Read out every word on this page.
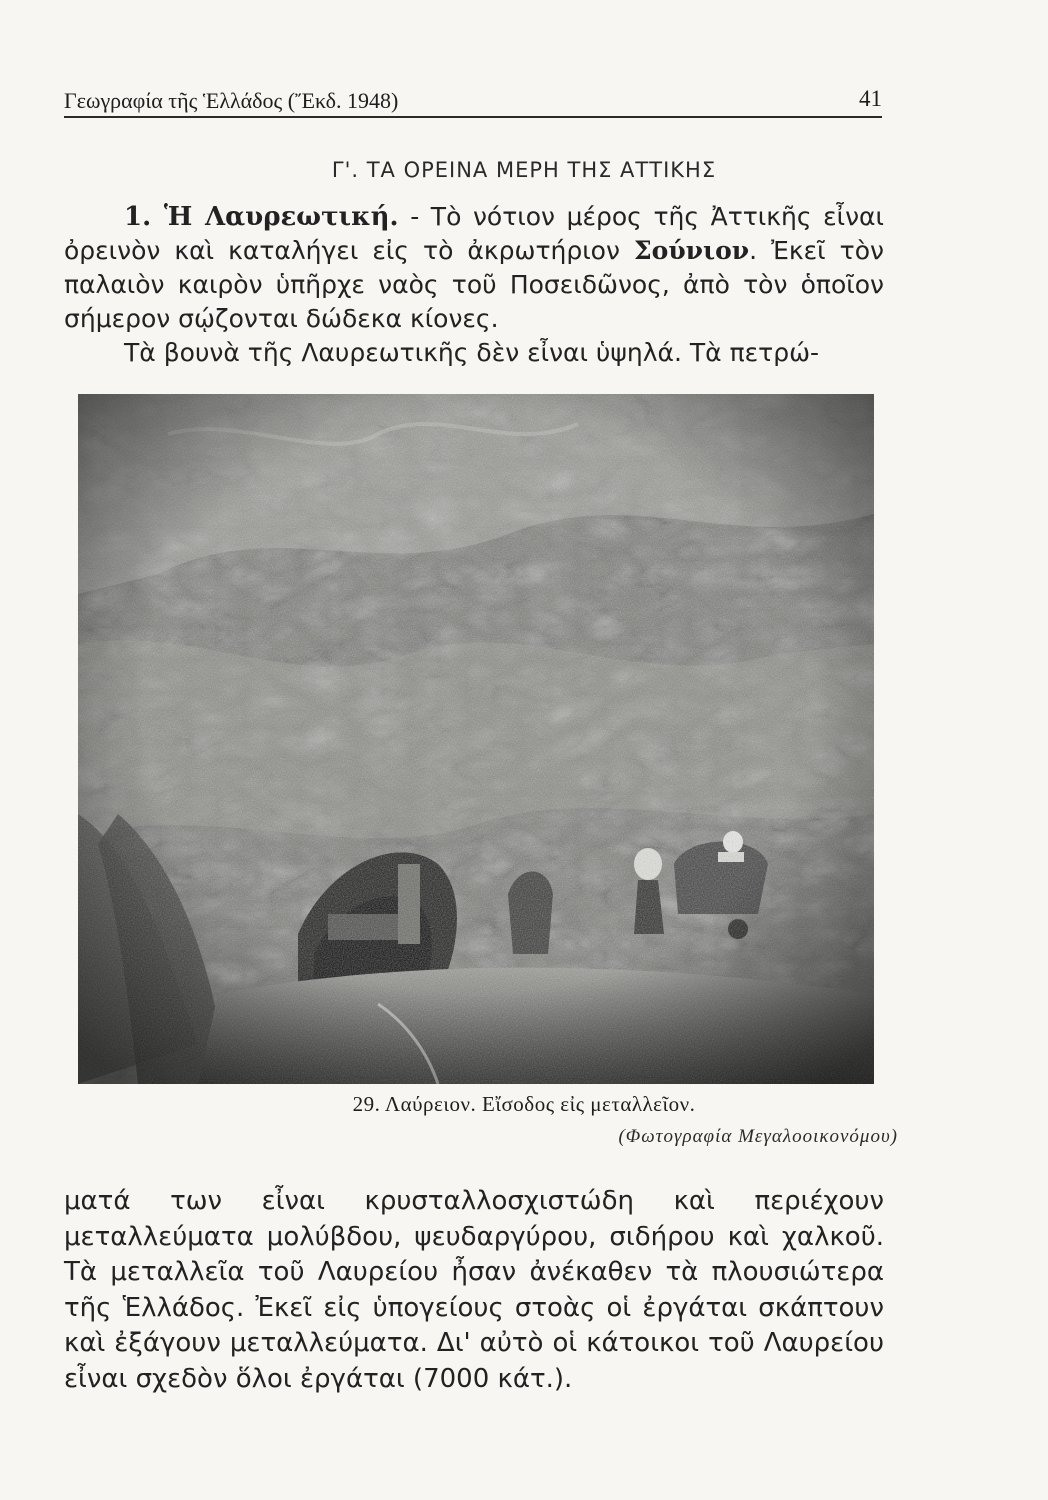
Γεωγραφία τῆς Ἑλλάδος (Ἔκδ. 1948)	41
Γ'. ΤΑ ΟΡΕΙΝΑ ΜΕΡΗ ΤΗΣ ΑΤΤΙΚΗΣ

1. Ἡ Λαυρεωτική. - Τὸ νότιον μέρος τῆς Ἀττικῆς εἶναι ὀρεινὸν καὶ καταλήγει εἰς τὸ ἀκρωτήριον Σούνιον. Ἐκεῖ τὸν παλαιὸν καιρὸν ὑπῆρχε ναὸς τοῦ Ποσειδῶνος, ἀπὸ τὸν ὁποῖον σήμερον σῴζονται δώδεκα κίονες.

Τὰ βουνὰ τῆς Λαυρεωτικῆς δὲν εἶναι ὑψηλά. Τὰ πετρώ-

29. Λαύρειον. Εἴσοδος εἰς μεταλλεῖον.
(Φωτογραφία Μεγαλοοικονόμου)

ματά των εἶναι κρυσταλλοσχιστώδη καὶ περιέχουν μεταλλεύματα μολύβδου, ψευδαργύρου, σιδήρου καὶ χαλκοῦ. Τὰ μεταλλεῖα τοῦ Λαυρείου ἦσαν ἀνέκαθεν τὰ πλουσιώτερα τῆς Ἑλλάδος. Ἐκεῖ εἰς ὑπογείους στοὰς οἱ ἐργάται σκάπτουν καὶ ἐξάγουν μεταλλεύματα. Δι' αὐτὸ οἱ κάτοικοι τοῦ Λαυρείου εἶναι σχεδὸν ὅλοι ἐργάται (7000 κάτ.).
